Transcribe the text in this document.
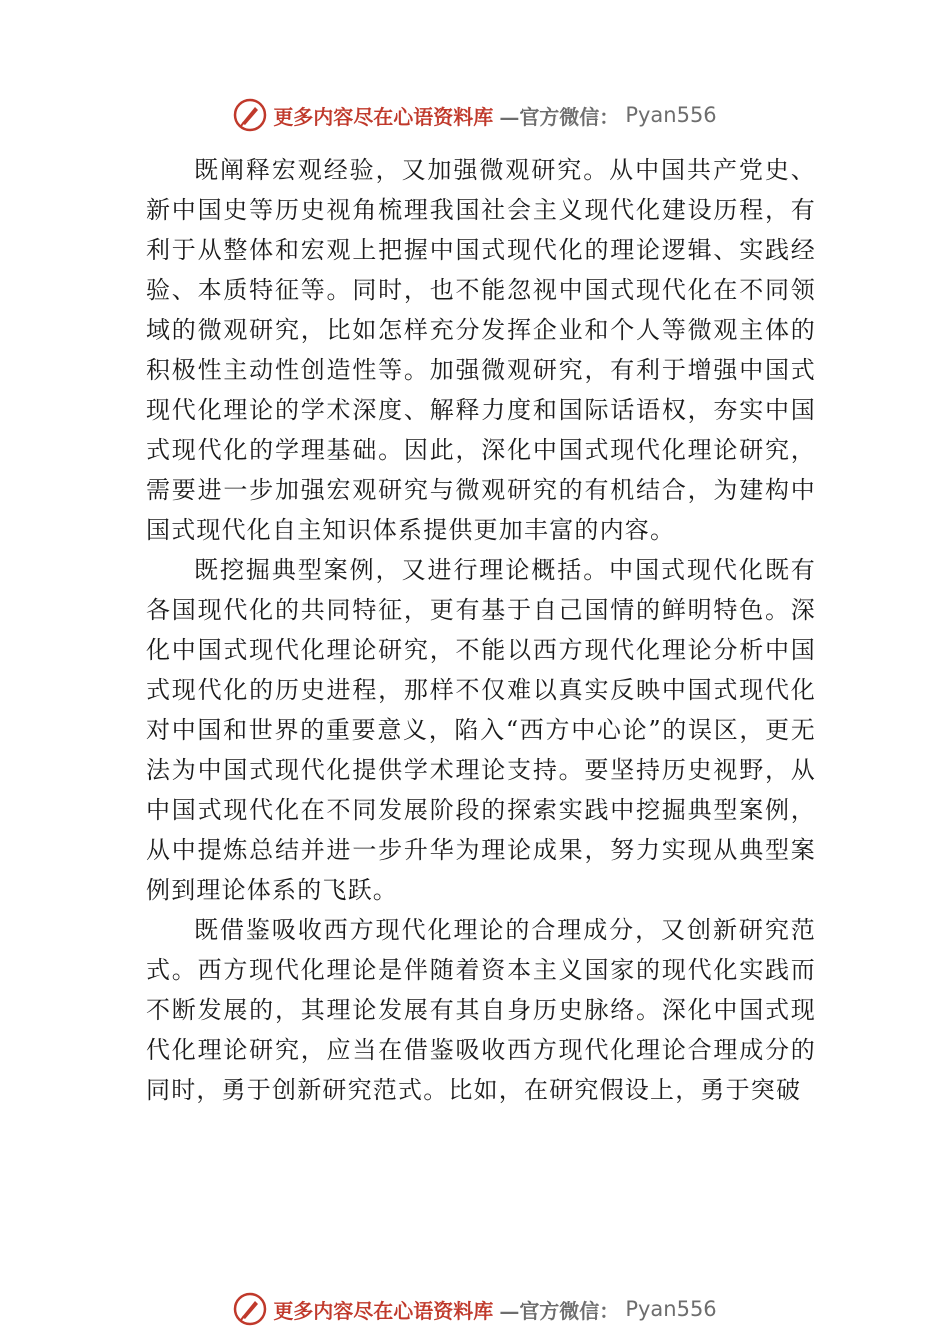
更多内容尽在心语资料库 —官方微信： Pyan556

既阐释宏观经验，又加强微观研究。从中国共产党史、新中国史等历史视角梳理我国社会主义现代化建设历程，有利于从整体和宏观上把握中国式现代化的理论逻辑、实践经验、本质特征等。同时，也不能忽视中国式现代化在不同领域的微观研究，比如怎样充分发挥企业和个人等微观主体的积极性主动性创造性等。加强微观研究，有利于增强中国式现代化理论的学术深度、解释力度和国际话语权，夯实中国式现代化的学理基础。因此，深化中国式现代化理论研究，需要进一步加强宏观研究与微观研究的有机结合，为建构中国式现代化自主知识体系提供更加丰富的内容。

既挖掘典型案例，又进行理论概括。中国式现代化既有各国现代化的共同特征，更有基于自己国情的鲜明特色。深化中国式现代化理论研究，不能以西方现代化理论分析中国式现代化的历史进程，那样不仅难以真实反映中国式现代化对中国和世界的重要意义，陷入“西方中心论”的误区，更无法为中国式现代化提供学术理论支持。要坚持历史视野，从中国式现代化在不同发展阶段的探索实践中挖掘典型案例，从中提炼总结并进一步升华为理论成果，努力实现从典型案例到理论体系的飞跃。

既借鉴吸收西方现代化理论的合理成分，又创新研究范式。西方现代化理论是伴随着资本主义国家的现代化实践而不断发展的，其理论发展有其自身历史脉络。深化中国式现代化理论研究，应当在借鉴吸收西方现代化理论合理成分的同时，勇于创新研究范式。比如，在研究假设上，勇于突破

更多内容尽在心语资料库 —官方微信： Pyan556
